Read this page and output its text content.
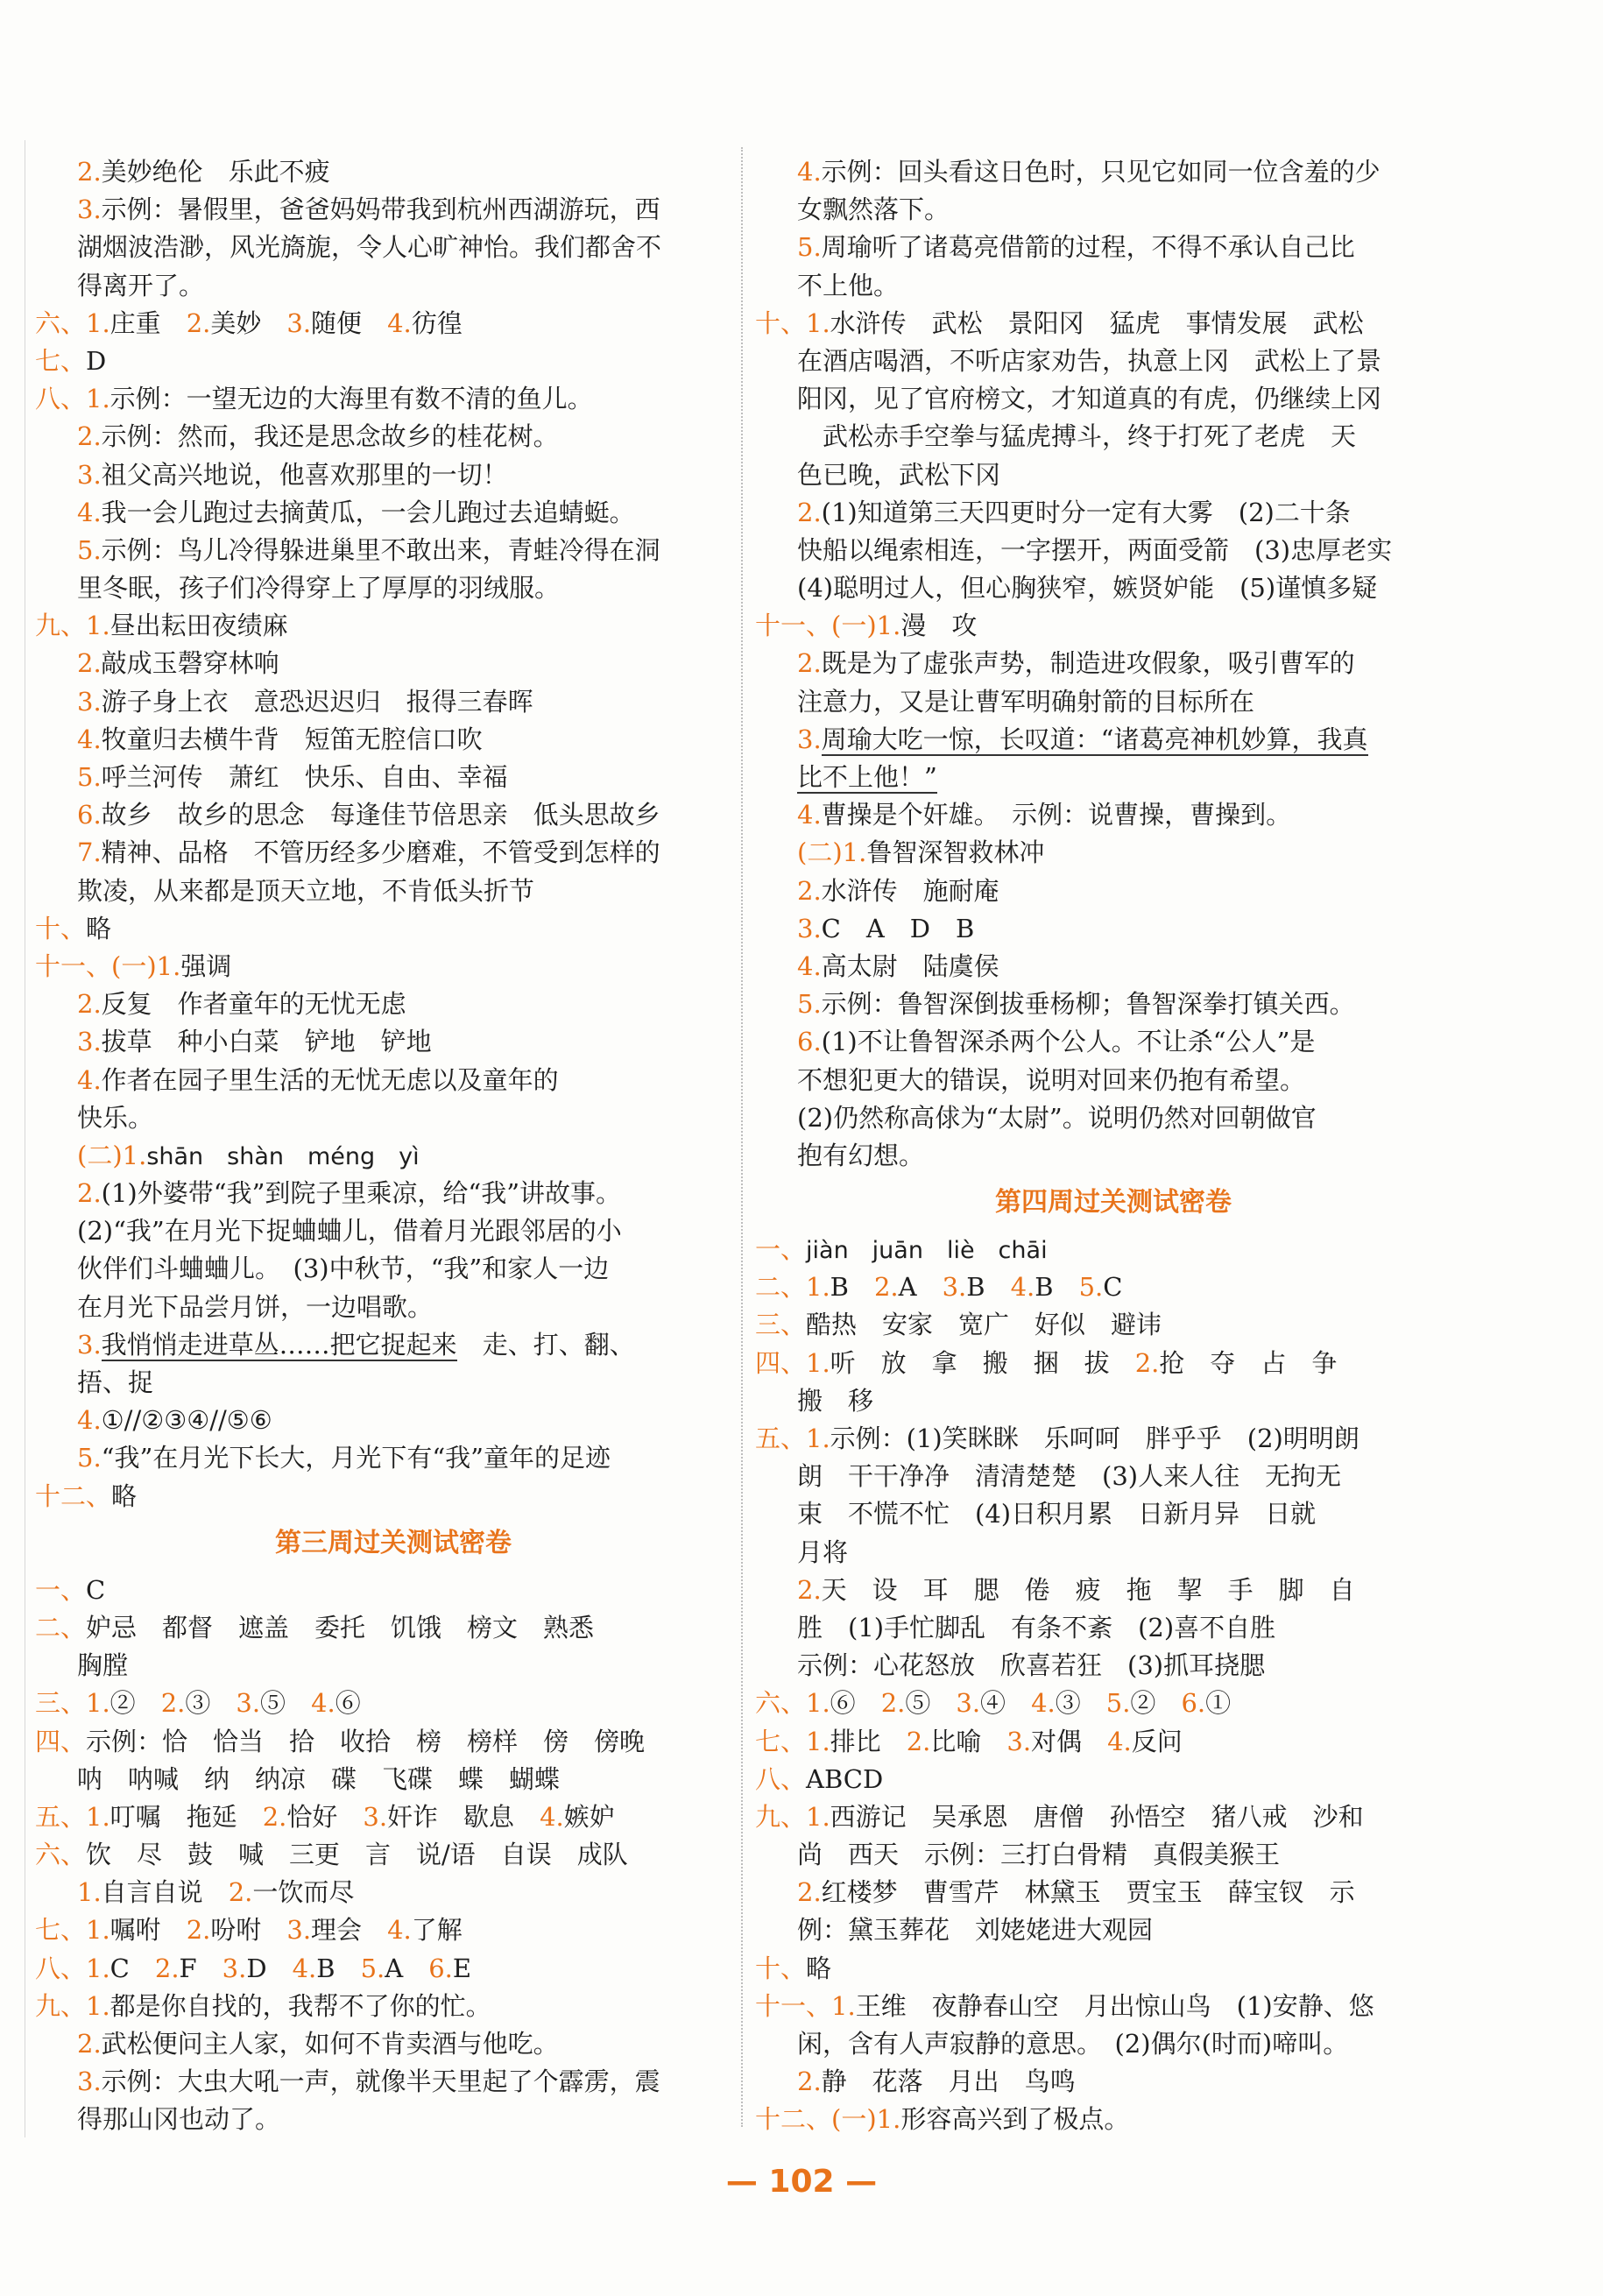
2.美妙绝伦　乐此不疲
3.示例：暑假里，爸爸妈妈带我到杭州西湖游玩，西
湖烟波浩渺，风光旖旎，令人心旷神怡。我们都舍不
得离开了。
六、1.庄重　2.美妙　3.随便　4.彷徨
七、D
八、1.示例：一望无边的大海里有数不清的鱼儿。
2.示例：然而，我还是思念故乡的桂花树。
3.祖父高兴地说，他喜欢那里的一切！
4.我一会儿跑过去摘黄瓜，一会儿跑过去追蜻蜓。
5.示例：鸟儿冷得躲进巢里不敢出来，青蛙冷得在洞
里冬眠，孩子们冷得穿上了厚厚的羽绒服。
九、1.昼出耘田夜绩麻
2.敲成玉磬穿林响
3.游子身上衣　意恐迟迟归　报得三春晖
4.牧童归去横牛背　短笛无腔信口吹
5.呼兰河传　萧红　快乐、自由、幸福
6.故乡　故乡的思念　每逢佳节倍思亲　低头思故乡
7.精神、品格　不管历经多少磨难，不管受到怎样的
欺凌，从来都是顶天立地，不肯低头折节
十、略
十一、(一)1.强调
2.反复　作者童年的无忧无虑
3.拔草　种小白菜　铲地　铲地
4.作者在园子里生活的无忧无虑以及童年的
快乐。
(二)1.shān　shàn　méng　yì
2.(1)外婆带“我”到院子里乘凉，给“我”讲故事。
(2)“我”在月光下捉蛐蛐儿，借着月光跟邻居的小
伙伴们斗蛐蛐儿。　(3)中秋节，“我”和家人一边
在月光下品尝月饼，一边唱歌。
3.我悄悄走进草丛……把它捉起来　走、打、翻、
捂、捉
4.①//②③④//⑤⑥
5.“我”在月光下长大，月光下有“我”童年的足迹
十二、略
第三周过关测试密卷
一、C
二、妒忌　都督　遮盖　委托　饥饿　榜文　熟悉
胸膛
三、1.②　2.③　3.⑤　4.⑥
四、示例：恰　恰当　拾　收拾　榜　榜样　傍　傍晚
呐　呐喊　纳　纳凉　碟　飞碟　蝶　蝴蝶
五、1.叮嘱　拖延　2.恰好　3.奸诈　歇息　4.嫉妒
六、饮　尽　鼓　喊　三更　言　说/语　自误　成队
1.自言自说　2.一饮而尽
七、1.嘱咐　2.吩咐　3.理会　4.了解
八、1.C　2.F　3.D　4.B　5.A　6.E
九、1.都是你自找的，我帮不了你的忙。
2.武松便问主人家，如何不肯卖酒与他吃。
3.示例：大虫大吼一声，就像半天里起了个霹雳，震
得那山冈也动了。
4.示例：回头看这日色时，只见它如同一位含羞的少
女飘然落下。
5.周瑜听了诸葛亮借箭的过程，不得不承认自己比
不上他。
十、1.水浒传　武松　景阳冈　猛虎　事情发展　武松
在酒店喝酒，不听店家劝告，执意上冈　武松上了景
阳冈，见了官府榜文，才知道真的有虎，仍继续上冈
　武松赤手空拳与猛虎搏斗，终于打死了老虎　天
色已晚，武松下冈
2.(1)知道第三天四更时分一定有大雾　(2)二十条
快船以绳索相连，一字摆开，两面受箭　(3)忠厚老实
(4)聪明过人，但心胸狭窄，嫉贤妒能　(5)谨慎多疑
十一、(一)1.漫　攻
2.既是为了虚张声势，制造进攻假象，吸引曹军的
注意力，又是让曹军明确射箭的目标所在
3.周瑜大吃一惊，长叹道：“诸葛亮神机妙算，我真
比不上他！”
4.曹操是个奸雄。　示例：说曹操，曹操到。
(二)1.鲁智深智救林冲
2.水浒传　施耐庵
3.C　A　D　B
4.高太尉　陆虞侯
5.示例：鲁智深倒拔垂杨柳；鲁智深拳打镇关西。
6.(1)不让鲁智深杀两个公人。不让杀“公人”是
不想犯更大的错误，说明对回来仍抱有希望。
(2)仍然称高俅为“太尉”。说明仍然对回朝做官
抱有幻想。
第四周过关测试密卷
一、jiàn　juān　liè　chāi
二、1.B　2.A　3.B　4.B　5.C
三、酷热　安家　宽广　好似　避讳
四、1.听　放　拿　搬　捆　拔　2.抢　夺　占　争
搬　移
五、1.示例：(1)笑眯眯　乐呵呵　胖乎乎　(2)明明朗
朗　干干净净　清清楚楚　(3)人来人往　无拘无
束　不慌不忙　(4)日积月累　日新月异　日就
月将
2.天　设　耳　腮　倦　疲　拖　挈　手　脚　自
胜　(1)手忙脚乱　有条不紊　(2)喜不自胜
示例：心花怒放　欣喜若狂　(3)抓耳挠腮
六、1.⑥　2.⑤　3.④　4.③　5.②　6.①
七、1.排比　2.比喻　3.对偶　4.反问
八、ABCD
九、1.西游记　吴承恩　唐僧　孙悟空　猪八戒　沙和
尚　西天　示例：三打白骨精　真假美猴王
2.红楼梦　曹雪芹　林黛玉　贾宝玉　薛宝钗　示
例：黛玉葬花　刘姥姥进大观园
十、略
十一、1.王维　夜静春山空　月出惊山鸟　(1)安静、悠
闲，含有人声寂静的意思。　(2)偶尔(时而)啼叫。
2.静　花落　月出　鸟鸣
十二、(一)1.形容高兴到了极点。
— 102 —
